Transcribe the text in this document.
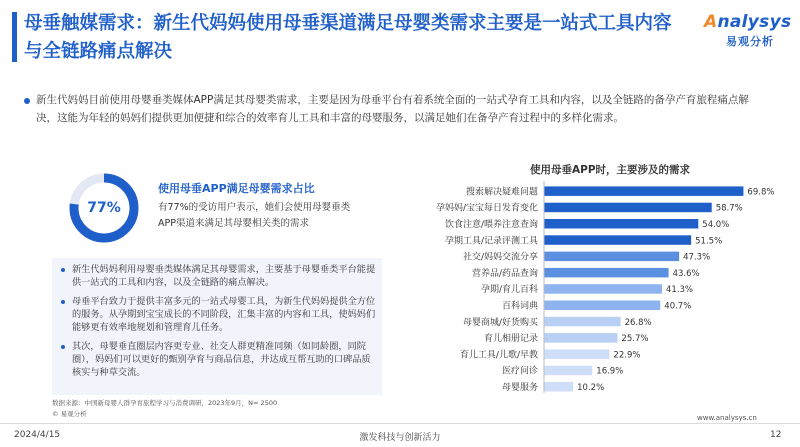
母垂触媒需求：新生代妈妈使用母垂渠道满足母婴类需求主要是一站式工具内容与全链路痛点解决
Analysys
易观分析
新生代妈妈目前使用母婴垂类媒体APP满足其母婴类需求，主要是因为母垂平台有着系统全面的一站式孕育工具和内容，以及全链路的备孕产育旅程痛点解决，这能为年轻的妈妈们提供更加便捷和综合的效率育儿工具和丰富的母婴服务，以满足她们在备孕产育过程中的多样化需求。
77%
使用母垂APP满足母婴需求占比
有77%的受访用户表示，她们会使用母婴垂类APP渠道来满足其母婴相关类的需求
新生代妈妈利用母婴垂类媒体满足其母婴需求，主要基于母婴垂类平台能提供一站式的工具和内容，以及全链路的痛点解决。
母垂平台致力于提供丰富多元的一站式母婴工具，为新生代妈妈提供全方位的服务。从孕期到宝宝成长的不同阶段，汇集丰富的内容和工具，使妈妈们能够更有效率地规划和管理育儿任务。
其次，母婴垂直圈层内容更专业、社交人群更精准同频（如同龄圈，同院圈），妈妈们可以更好的甄别孕育与商品信息，并达成互帮互助的口碑品质核实与种草交流。
使用母垂APP时，主要涉及的需求
搜索解决疑难问题	69.8%
孕妈妈/宝宝每日发育变化	58.7%
饮食注意/喂养注意查询	54.0%
孕期工具/记录评测工具	51.5%
社交/妈妈交流分享	47.3%
营养品/药品查询	43.6%
孕期/育儿百科	41.3%
百科词典	40.7%
母婴商城/好货购买	26.8%
育儿相册记录	25.7%
育儿工具/儿歌/早教	22.9%
医疗问诊	16.9%
母婴服务	10.2%
数据来源：中国新母婴人群孕育旅程学习与消费调研，2023年9月，N= 2500
© 易观分析	www.analysys.cn
2024/4/15	激发科技与创新活力	12
